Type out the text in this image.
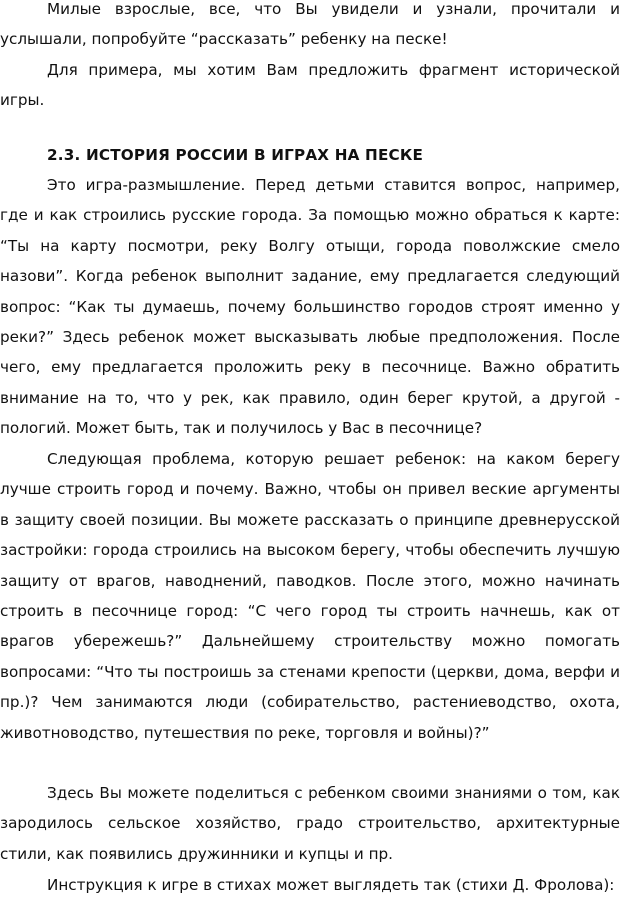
Милые взрослые, все, что Вы увидели и узнали, прочитали и услышали, попробуйте “рассказать” ребенку на песке!

Для примера, мы хотим Вам предложить фрагмент исторической игры.

2.3. ИСТОРИЯ РОССИИ В ИГРАХ НА ПЕСКЕ

Это игра-размышление. Перед детьми ставится вопрос, например, где и как строились русские города. За помощью можно обраться к карте: “Ты на карту посмотри, реку Волгу отыщи, города поволжские смело назови”. Когда ребенок выполнит задание, ему предлагается следующий вопрос: “Как ты думаешь, почему большинство городов строят именно у реки?” Здесь ребенок может высказывать любые предположения. После чего, ему предлагается проложить реку в песочнице. Важно обратить внимание на то, что у рек, как правило, один берег крутой, а другой - пологий. Может быть, так и получилось у Вас в песочнице?

Следующая проблема, которую решает ребенок: на каком берегу лучше строить город и почему. Важно, чтобы он привел веские аргументы в защиту своей позиции. Вы можете рассказать о принципе древнерусской застройки: города строились на высоком берегу, чтобы обеспечить лучшую защиту от врагов, наводнений, паводков. После этого, можно начинать строить в песочнице город: “С чего город ты строить начнешь, как от врагов убережешь?” Дальнейшему строительству можно помогать вопросами: “Что ты построишь за стенами крепости (церкви, дома, верфи и пр.)? Чем занимаются люди (собирательство, растениеводство, охота, животноводство, путешествия по реке, торговля и войны)?”

Здесь Вы можете поделиться с ребенком своими знаниями о том, как зародилось сельское хозяйство, градо строительство, архитектурные стили, как появились дружинники и купцы и пр.

Инструкция к игре в стихах может выглядеть так (стихи Д. Фролова):
